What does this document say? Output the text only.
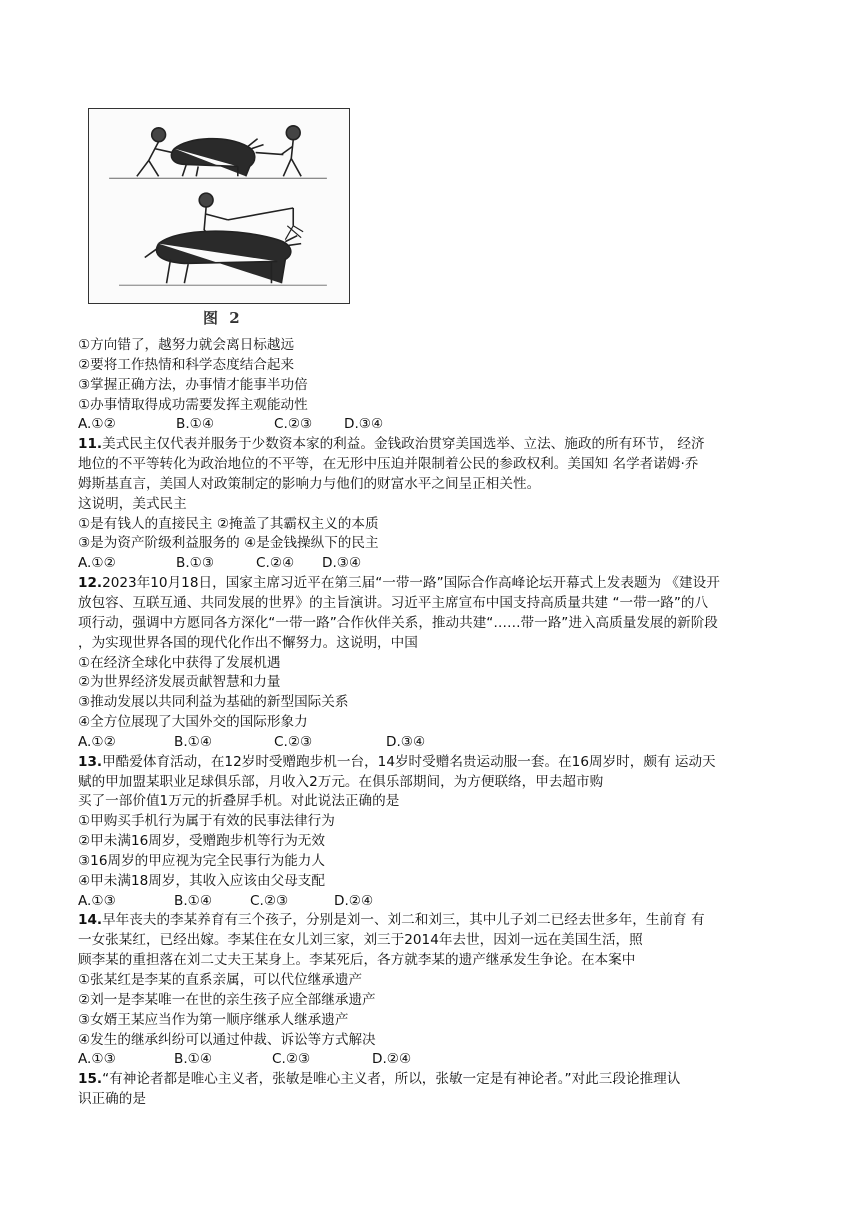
图 2
①方向错了，越努力就会离日标越远
②要将工作热情和科学态度结合起来
③掌握正确方法，办事情才能事半功倍
①办事情取得成功需要发挥主观能动性
A.①②	B.①④	C.②③	D.③④
11.美式民主仅代表并服务于少数资本家的利益。金钱政治贯穿美国选举、立法、施政的所有环节， 经济
地位的不平等转化为政治地位的不平等，在无形中压迫并限制着公民的参政权利。美国知 名学者诺姆·乔
姆斯基直言，美国人对政策制定的影响力与他们的财富水平之间呈正相关性。
这说明，美式民主
①是有钱人的直接民主 ②掩盖了其霸权主义的本质
③是为资产阶级利益服务的 ④是金钱操纵下的民主
A.①②	B.①③	C.②④	D.③④
12.2023年10月18日，国家主席习近平在第三届“一带一路”国际合作高峰论坛开幕式上发表题为 《建设开
放包容、互联互通、共同发展的世界》的主旨演讲。习近平主席宣布中国支持高质量共建 “一带一路”的八
项行动，强调中方愿同各方深化“一带一路”合作伙伴关系，推动共建“……带一路”进入高质量发展的新阶段
，为实现世界各国的现代化作出不懈努力。这说明，中国
①在经济全球化中获得了发展机遇
②为世界经济发展贡献智慧和力量
③推动发展以共同利益为基础的新型国际关系
④全方位展现了大国外交的国际形象力
A.①②	B.①④	C.②③	D.③④
13.甲酷爱体育活动，在12岁时受赠跑步机一台，14岁时受赠名贵运动服一套。在16周岁时，颇有 运动天
赋的甲加盟某职业足球俱乐部，月收入2万元。在俱乐部期间，为方便联络，甲去超市购
买了一部价值1万元的折叠屏手机。对此说法正确的是
①甲购买手机行为属于有效的民事法律行为
②甲未满16周岁，受赠跑步机等行为无效
③16周岁的甲应视为完全民事行为能力人
④甲未满18周岁，其收入应该由父母支配
A.①③	B.①④	C.②③	D.②④
14.早年丧夫的李某养育有三个孩子，分别是刘一、刘二和刘三，其中儿子刘二已经去世多年，生前育 有
一女张某红，已经出嫁。李某住在女儿刘三家，刘三于2014年去世，因刘一远在美国生活，照
顾李某的重担落在刘二丈夫王某身上。李某死后，各方就李某的遗产继承发生争论。在本案中
①张某红是李某的直系亲属，可以代位继承遗产
②刘一是李某唯一在世的亲生孩子应全部继承遗产
③女婿王某应当作为第一顺序继承人继承遗产
④发生的继承纠纷可以通过仲裁、诉讼等方式解决
A.①③	B.①④	C.②③	D.②④
15.“有神论者都是唯心主义者，张敏是唯心主义者，所以，张敏一定是有神论者。”对此三段论推理认
识正确的是
